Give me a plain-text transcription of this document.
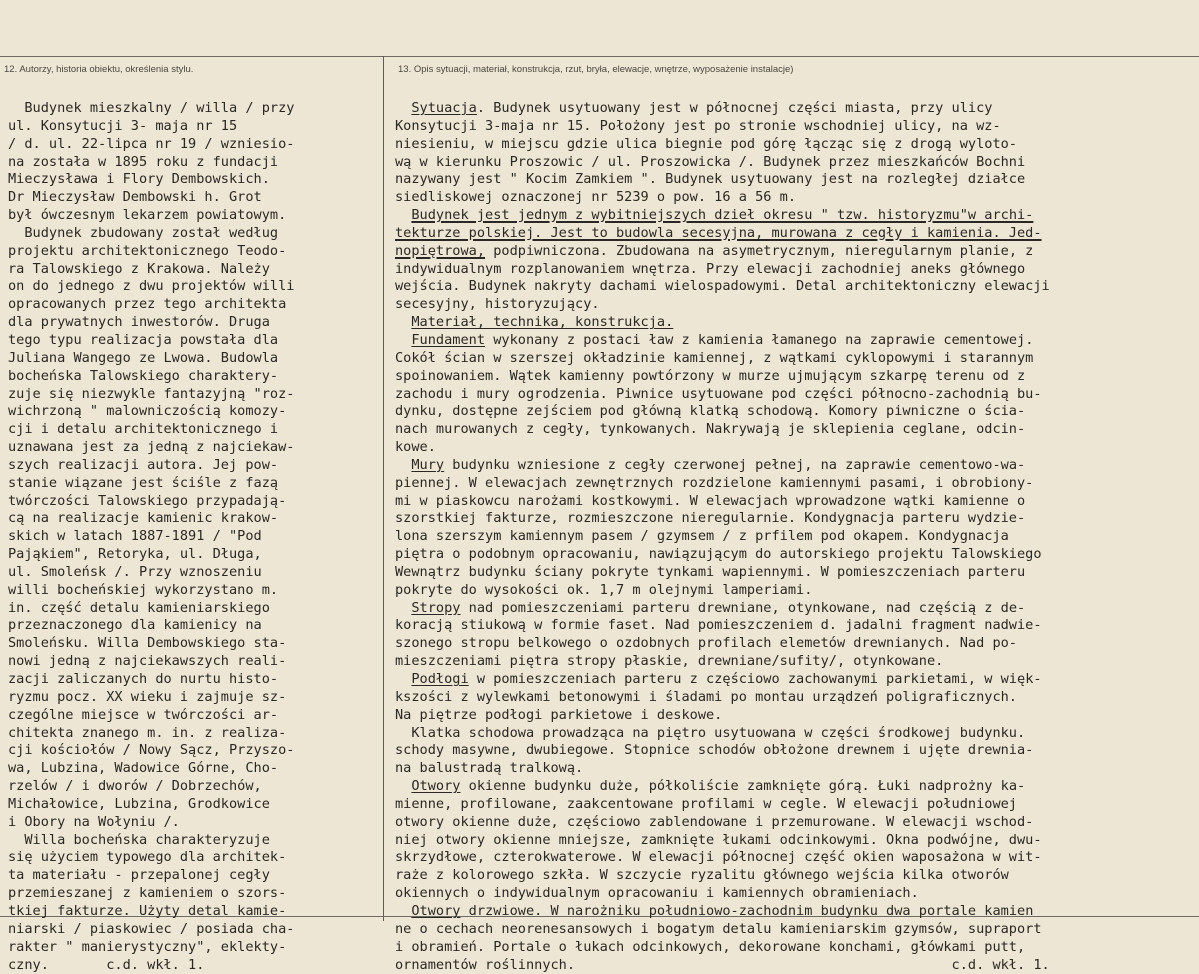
12. Autorzy, historia obiektu, określenia stylu.	13. Opis sytuacji, materiał, konstrukcja, rzut, bryła, elewacje, wnętrze, wyposażenie instalacje)
Budynek mieszkalny / willa / przy
ul. Konsytucji 3- maja nr 15
/ d. ul. 22-lipca nr 19 / wzniesio-
na została w 1895 roku z fundacji
Mieczysława i Flory Dembowskich.
Dr Mieczysław Dembowski h. Grot
był ówczesnym lekarzem powiatowym.
Budynek zbudowany został według
projektu architektonicznego Teodo-
ra Talowskiego z Krakowa. Należy
on do jednego z dwu projektów willi
opracowanych przez tego architekta
dla prywatnych inwestorów. Druga
tego typu realizacja powstała dla
Juliana Wangego ze Lwowa. Budowla
bocheńska Talowskiego charaktery-
zuje się niezwykle fantazyjną "roz-
wichrzoną " malowniczością komozy-
cji i detalu architektonicznego i
uznawana jest za jedną z najciekaw-
szych realizacji autora. Jej pow-
stanie wiązane jest ściśle z fazą
twórczości Talowskiego przypadają-
cą na realizacje kamienic krakow-
skich w latach 1887-1891 / "Pod
Pająkiem", Retoryka, ul. Długa,
ul. Smoleńsk /. Przy wznoszeniu
willi bocheńskiej wykorzystano m.
in. część detalu kamieniarskiego
przeznaczonego dla kamienicy na
Smoleńsku. Willa Dembowskiego sta-
nowi jedną z najciekawszych reali-
zacji zaliczanych do nurtu histo-
ryzmu pocz. XX wieku i zajmuje sz-
czególne miejsce w twórczości ar-
chitekta znanego m. in. z realiza-
cji kościołów / Nowy Sącz, Przyszo-
wa, Lubzina, Wadowice Górne, Cho-
rzelów / i dworów / Dobrzechów,
Michałowice, Lubzina, Grodkowice
i Obory na Wołyniu /.
Willa bocheńska charakteryzuje
się użyciem typowego dla architek-
ta materiału - przepalonej cegły
przemieszanej z kamieniem o szors-
tkiej fakturze. Użyty detal kamie-
niarski / piaskowiec / posiada cha-
rakter " manierystyczny", eklekty-
czny.       c.d. wkł. 1.
Sytuacja. Budynek usytuowany jest w północnej części miasta, przy ulicy
Konsytucji 3-maja nr 15. Położony jest po stronie wschodniej ulicy, na wz-
niesieniu, w miejscu gdzie ulica biegnie pod górę łącząc się z drogą wyloto-
wą w kierunku Proszowic / ul. Proszowicka /. Budynek przez mieszkańców Bochni
nazywany jest " Kocim Zamkiem ". Budynek usytuowany jest na rozległej działce
siedliskowej oznaczonej nr 5239 o pow. 16 a 56 m.
Budynek jest jednym z wybitniejszych dzieł okresu " tzw. historyzmu"w archi-
tekturze polskiej. Jest to budowla secesyjna, murowana z cegły i kamienia. Jed-
nopiętrowa, podpiwniczona. Zbudowana na asymetrycznym, nieregularnym planie, z
indywidualnym rozplanowaniem wnętrza. Przy elewacji zachodniej aneks głównego
wejścia. Budynek nakryty dachami wielospadowymi. Detal architektoniczny elewacji
secesyjny, historyzujący.
Materiał, technika, konstrukcja.
Fundament wykonany z postaci ław z kamienia łamanego na zaprawie cementowej.
Cokół ścian w szerszej okładzinie kamiennej, z wątkami cyklopowymi i starannym
spoinowaniem. Wątek kamienny powtórzony w murze ujmującym szkarpę terenu od z
zachodu i mury ogrodzenia. Piwnice usytuowane pod części północno-zachodnią bu-
dynku, dostępne zejściem pod główną klatką schodową. Komory piwniczne o ścia-
nach murowanych z cegły, tynkowanych. Nakrywają je sklepienia ceglane, odcin-
kowe.
Mury budynku wzniesione z cegły czerwonej pełnej, na zaprawie cementowo-wa-
piennej. W elewacjach zewnętrznych rozdzielone kamiennymi pasami, i obrobiony-
mi w piaskowcu narożami kostkowymi. W elewacjach wprowadzone wątki kamienne o
szorstkiej fakturze, rozmieszczone nieregularnie. Kondygnacja parteru wydzie-
lona szerszym kamiennym pasem / gzymsem / z prfilem pod okapem. Kondygnacja
piętra o podobnym opracowaniu, nawiązującym do autorskiego projektu Talowskiego
Wewnątrz budynku ściany pokryte tynkami wapiennymi. W pomieszczeniach parteru
pokryte do wysokości ok. 1,7 m olejnymi lamperiami.
Stropy nad pomieszczeniami parteru drewniane, otynkowane, nad częścią z de-
koracją stiukową w formie faset. Nad pomieszczeniem d. jadalni fragment nadwie-
szonego stropu belkowego o ozdobnych profilach elemetów drewnianych. Nad po-
mieszczeniami piętra stropy płaskie, drewniane/sufity/, otynkowane.
Podłogi w pomieszczeniach parteru z częściowo zachowanymi parkietami, w więk-
kszości z wylewkami betonowymi i śladami po montau urządzeń poligraficznych.
Na piętrze podłogi parkietowe i deskowe.
Klatka schodowa prowadząca na piętro usytuowana w części środkowej budynku.
schody masywne, dwubiegowe. Stopnice schodów obłożone drewnem i ujęte drewnia-
na balustradą tralkową.
Otwory okienne budynku duże, półkoliście zamknięte górą. Łuki nadprożny ka-
mienne, profilowane, zaakcentowane profilami w cegle. W elewacji południowej
otwory okienne duże, częściowo zablendowane i przemurowane. W elewacji wschod-
niej otwory okienne mniejsze, zamknięte łukami odcinkowymi. Okna podwójne, dwu-
skrzydłowe, czterokwaterowe. W elewacji północnej część okien waposażona w wit-
raże z kolorowego szkła. W szczycie ryzalitu głównego wejścia kilka otworów
okiennych o indywidualnym opracowaniu i kamiennych obramieniach.
Otwory drzwiowe. W narożniku południowo-zachodnim budynku dwa portale kamien
ne o cechach neorenesansowych i bogatym detalu kamieniarskim gzymsów, supraport
i obramień. Portale o łukach odcinkowych, dekorowane konchami, główkami putt,
ornamentów roślinnych.                                              c.d. wkł. 1.
